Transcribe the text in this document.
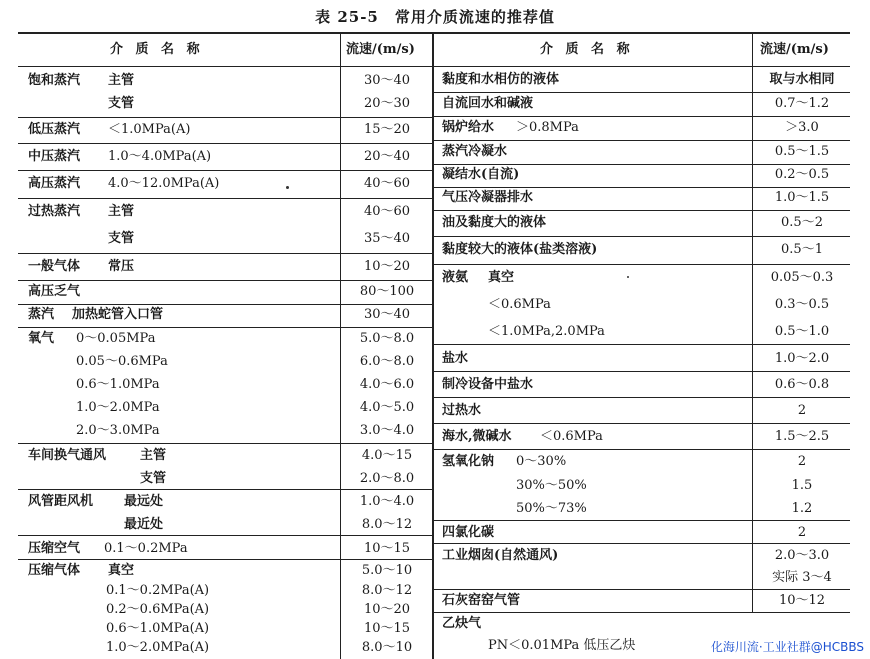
表 25-5　常用介质流速的推荐值
介 质 名 称	流速/(m/s)	介 质 名 称	流速/(m/s)
饱和蒸汽 主管	30～40
支管	20～30
低压蒸汽 ＜1.0MPa(A)	15～20
中压蒸汽 1.0～4.0MPa(A)	20～40
高压蒸汽 4.0～12.0MPa(A)	40～60
过热蒸汽 主管	40～60
支管	35～40
一般气体 常压	10～20
高压乏气	80～100
蒸汽 加热蛇管入口管	30～40
氧气 0～0.05MPa	5.0～8.0
0.05～0.6MPa	6.0～8.0
0.6～1.0MPa	4.0～6.0
1.0～2.0MPa	4.0～5.0
2.0～3.0MPa	3.0～4.0
车间换气通风	主管	4.0～15
支管	2.0～8.0
风管距风机 最远处	1.0～4.0
最近处	8.0～12
压缩空气 0.1～0.2MPa	10～15
压缩气体 真空	5.0～10
0.1～0.2MPa(A)	8.0～12
0.2～0.6MPa(A)	10～20
0.6～1.0MPa(A)	10～15
1.0～2.0MPa(A)	8.0～10
黏度和水相仿的液体	取与水相同
自流回水和碱液	0.7～1.2
锅炉给水 ＞0.8MPa	＞3.0
蒸汽冷凝水	0.5～1.5
凝结水(自流)	0.2～0.5
气压冷凝器排水	1.0～1.5
油及黏度大的液体	0.5～2
黏度较大的液体(盐类溶液)	0.5～1
液氨 真空	0.05～0.3
＜0.6MPa	0.3～0.5
＜1.0MPa,2.0MPa	0.5～1.0
盐水	1.0～2.0
制冷设备中盐水	0.6～0.8
过热水	2
海水,微碱水 ＜0.6MPa	1.5～2.5
氢氧化钠 0～30%	2
30%～50%	1.5
50%～73%	1.2
四氯化碳	2
工业烟囱(自然通风)	2.0～3.0
实际 3～4
石灰窑窑气管	10～12
乙炔气
PN＜0.01MPa 低压乙炔	化海川流·工业社群@HCBBS
